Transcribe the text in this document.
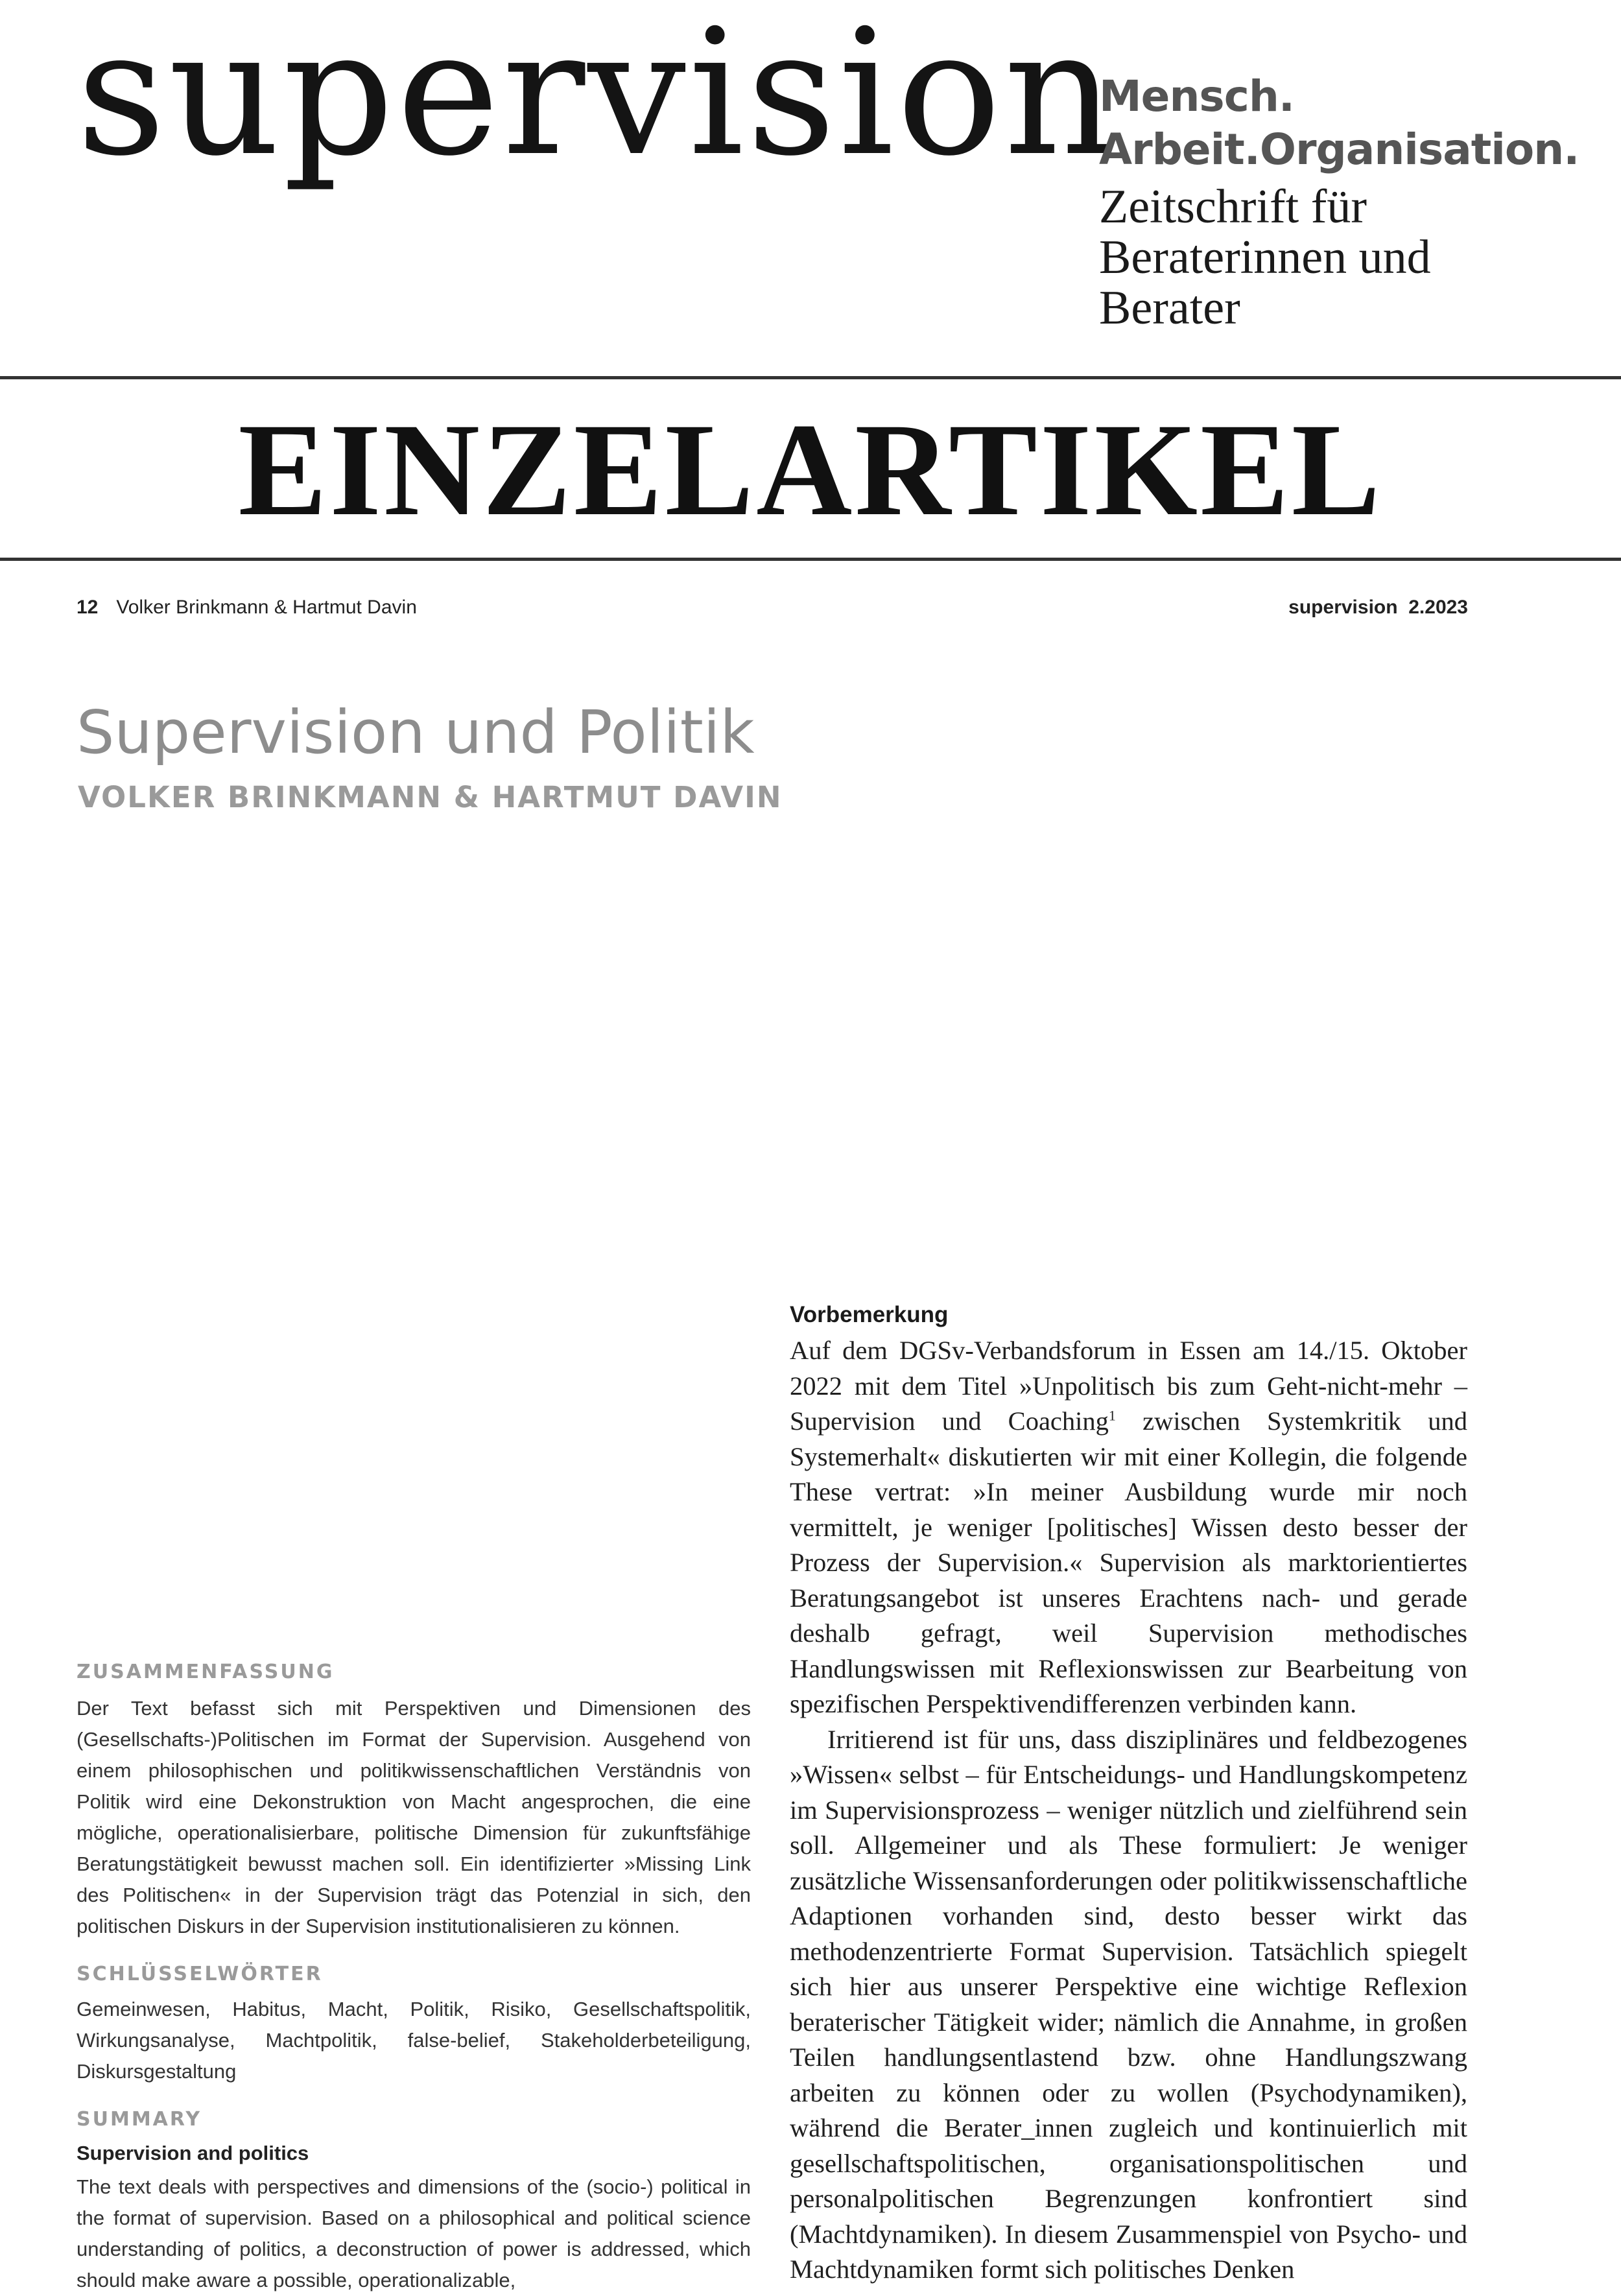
supervision
Mensch.
Arbeit.Organisation.
Zeitschrift für
Beraterinnen und
Berater
EINZELARTIKEL
12 Volker Brinkmann & Hartmut Davin	supervision 2.2023
Supervision und Politik
VOLKER BRINKMANN & HARTMUT DAVIN
ZUSAMMENFASSUNG
Der Text befasst sich mit Perspektiven und Dimensionen des (Gesellschafts-)Politischen im Format der Supervision. Ausgehend von einem philosophischen und politikwissenschaftlichen Verständnis von Politik wird eine Dekonstruktion von Macht angesprochen, die eine mögliche, operationalisierbare, politische Dimension für zukunftsfähige Beratungstätigkeit bewusst machen soll. Ein identifizierter »Missing Link des Politischen« in der Supervision trägt das Potenzial in sich, den politischen Diskurs in der Supervision institutionalisieren zu können.
SCHLÜSSELWÖRTER
Gemeinwesen, Habitus, Macht, Politik, Risiko, Gesellschaftspolitik, Wirkungsanalyse, Machtpolitik, false-belief, Stakeholderbeteiligung, Diskursgestaltung
SUMMARY
Supervision and politics
The text deals with perspectives and dimensions of the (socio-) political in the format of supervision. Based on a philosophical and political science understanding of politics, a deconstruction of power is addressed, which should make aware a possible, operationalizable,
Vorbemerkung

Auf dem DGSv-Verbandsforum in Essen am 14./15. Oktober 2022 mit dem Titel »Unpolitisch bis zum Geht-nicht-mehr – Supervision und Coaching$^1$ zwischen Systemkritik und Systemerhalt« diskutierten wir mit einer Kollegin, die folgende These vertrat: »In meiner Ausbildung wurde mir noch vermittelt, je weniger [politisches] Wissen desto besser der Prozess der Supervision.« Supervision als marktorientiertes Beratungsangebot ist unseres Erachtens nach- und gerade deshalb gefragt, weil Supervision methodisches Handlungswissen mit Reflexionswissen zur Bearbeitung von spezifischen Perspektivendifferenzen verbinden kann.

Irritierend ist für uns, dass disziplinäres und feldbezogenes »Wissen« selbst – für Entscheidungs- und Handlungskompetenz im Supervisionsprozess – weniger nützlich und zielführend sein soll. Allgemeiner und als These formuliert: Je weniger zusätzliche Wissensanforderungen oder politikwissenschaftliche Adaptionen vorhanden sind, desto besser wirkt das methodenzentrierte Format Supervision. Tatsächlich spiegelt sich hier aus unserer Perspektive eine wichtige Reflexion beraterischer Tätigkeit wider; nämlich die Annahme, in großen Teilen handlungsentlastend bzw. ohne Handlungszwang arbeiten zu können oder zu wollen (Psychodynamiken), während die Berater_innen zugleich und kontinuierlich mit gesellschaftspolitischen, organisationspolitischen und personalpolitischen Begrenzungen konfrontiert sind (Machtdynamiken). In diesem Zusammenspiel von Psycho- und Machtdynamiken formt sich politisches Denken
